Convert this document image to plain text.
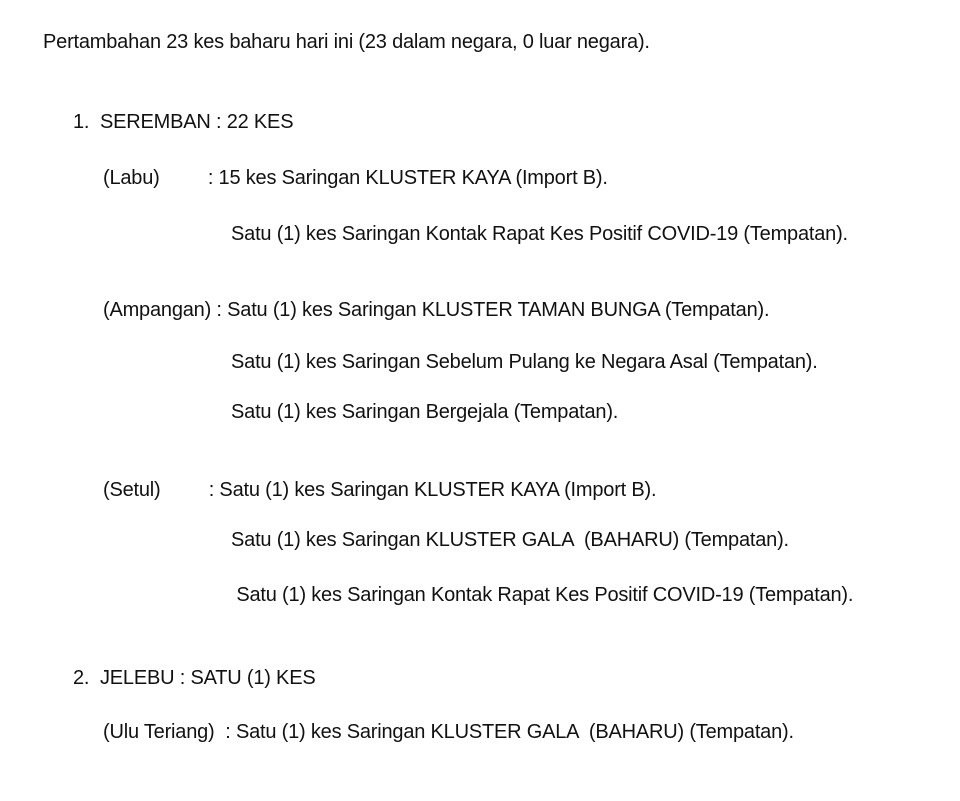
Pertambahan 23 kes baharu hari ini (23 dalam negara, 0 luar negara).
1.  SEREMBAN : 22 KES
(Labu)         : 15 kes Saringan KLUSTER KAYA (Import B).
Satu (1) kes Saringan Kontak Rapat Kes Positif COVID-19 (Tempatan).
(Ampangan) : Satu (1) kes Saringan KLUSTER TAMAN BUNGA (Tempatan).
Satu (1) kes Saringan Sebelum Pulang ke Negara Asal (Tempatan).
Satu (1) kes Saringan Bergejala (Tempatan).
(Setul)         : Satu (1) kes Saringan KLUSTER KAYA (Import B).
Satu (1) kes Saringan KLUSTER GALA  (BAHARU) (Tempatan).
Satu (1) kes Saringan Kontak Rapat Kes Positif COVID-19 (Tempatan).
2.  JELEBU : SATU (1) KES
(Ulu Teriang)  : Satu (1) kes Saringan KLUSTER GALA  (BAHARU) (Tempatan).
